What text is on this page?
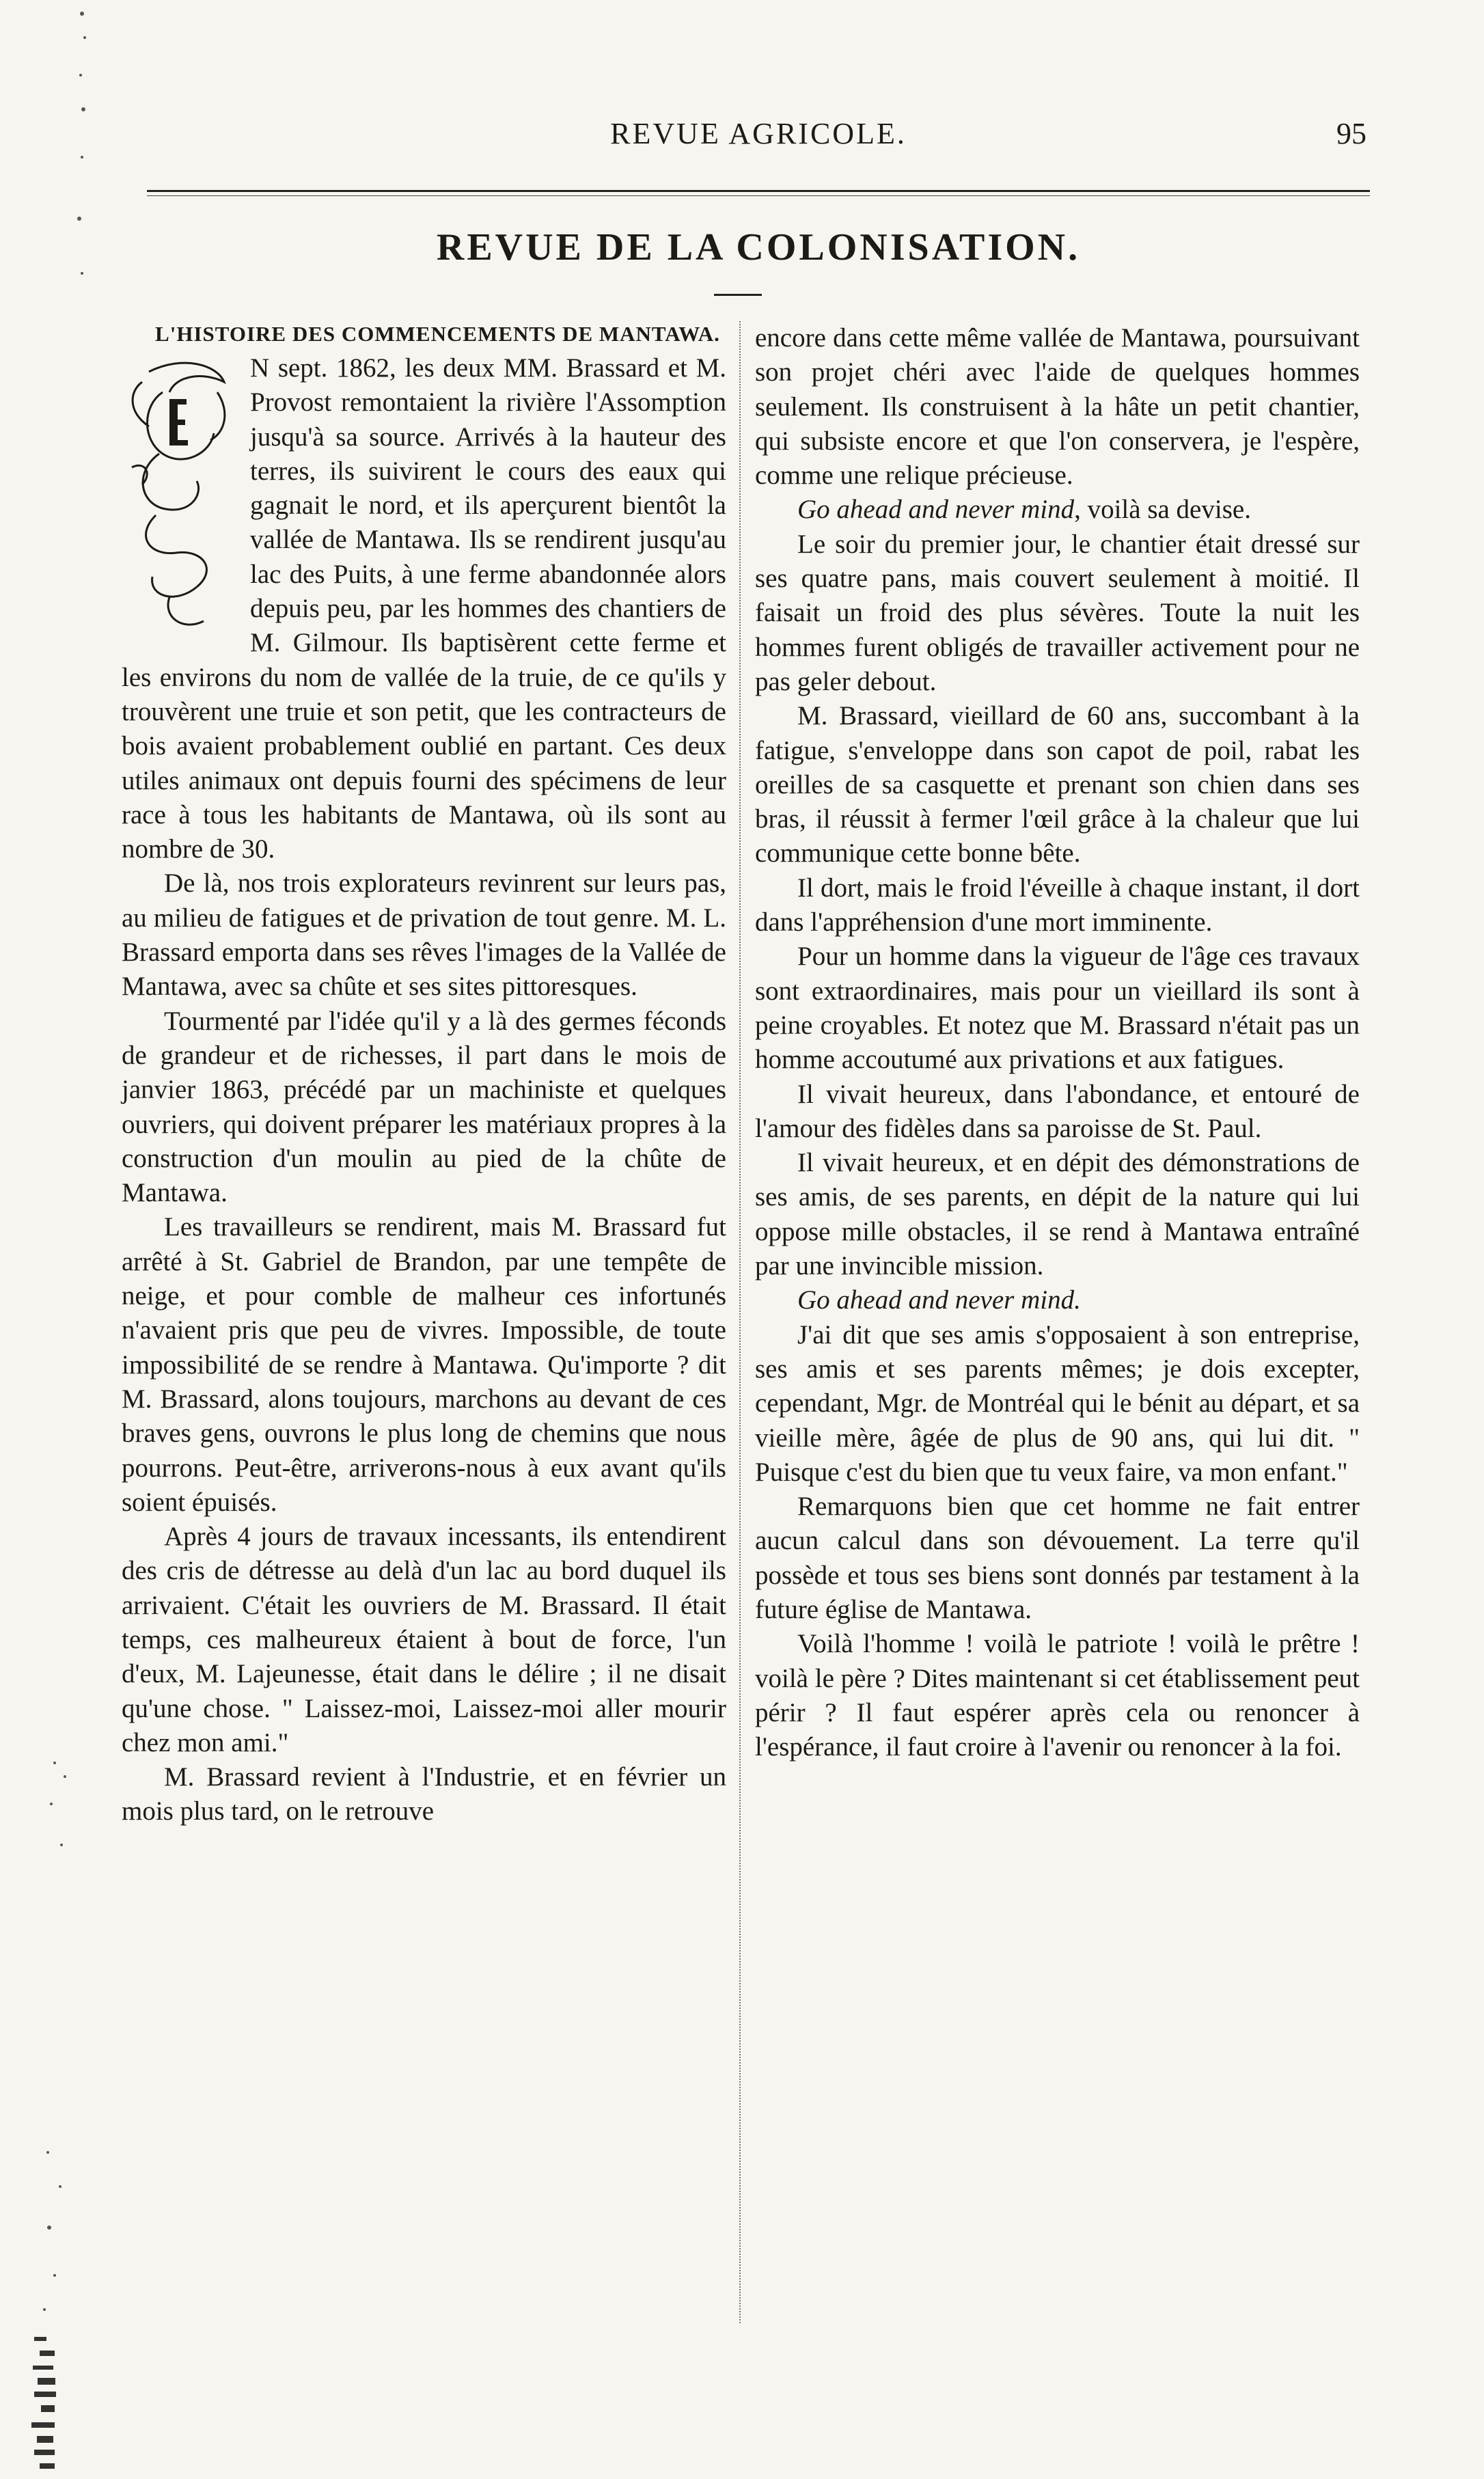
REVUE AGRICOLE.	95
REVUE DE LA COLONISATION.
L'HISTOIRE DES COMMENCEMENTS DE MANTAWA.

N sept. 1862, les deux MM. Brassard et M. Provost remontaient la rivière l'Assomption jusqu'à sa source. Arrivés à la hauteur des terres, ils suivirent le cours des eaux qui gagnait le nord, et ils aperçurent bientôt la vallée de Mantawa. Ils se rendirent jusqu'au lac des Puits, à une ferme abandonnée alors depuis peu, par les hommes des chantiers de M. Gilmour. Ils baptisèrent cette ferme et les environs du nom de vallée de la truie, de ce qu'ils y trouvèrent une truie et son petit, que les contracteurs de bois avaient probablement oublié en partant. Ces deux utiles animaux ont depuis fourni des spécimens de leur race à tous les habitants de Mantawa, où ils sont au nombre de 30.

De là, nos trois explorateurs revinrent sur leurs pas, au milieu de fatigues et de privation de tout genre. M. L. Brassard emporta dans ses rêves l'images de la Vallée de Mantawa, avec sa chûte et ses sites pittoresques.

Tourmenté par l'idée qu'il y a là des germes féconds de grandeur et de richesses, il part dans le mois de janvier 1863, précédé par un machiniste et quelques ouvriers, qui doivent préparer les matériaux propres à la construction d'un moulin au pied de la chûte de Mantawa.

Les travailleurs se rendirent, mais M. Brassard fut arrêté à St. Gabriel de Brandon, par une tempête de neige, et pour comble de malheur ces infortunés n'avaient pris que peu de vivres. Impossible, de toute impossibilité de se rendre à Mantawa. Qu'importe ? dit M. Brassard, alons toujours, marchons au devant de ces braves gens, ouvrons le plus long de chemins que nous pourrons. Peut-être, arriverons-nous à eux avant qu'ils soient épuisés.

Après 4 jours de travaux incessants, ils entendirent des cris de détresse au delà d'un lac au bord duquel ils arrivaient. C'était les ouvriers de M. Brassard. Il était temps, ces malheureux étaient à bout de force, l'un d'eux, M. Lajeunesse, était dans le délire ; il ne disait qu'une chose. " Laissez-moi, Laissez-moi aller mourir chez mon ami."

M. Brassard revient à l'Industrie, et en février un mois plus tard, on le retrouve

encore dans cette même vallée de Mantawa, poursuivant son projet chéri avec l'aide de quelques hommes seulement. Ils construisent à la hâte un petit chantier, qui subsiste encore et que l'on conservera, je l'espère, comme une relique précieuse.

Go ahead and never mind, voilà sa devise.

Le soir du premier jour, le chantier était dressé sur ses quatre pans, mais couvert seulement à moitié. Il faisait un froid des plus sévères. Toute la nuit les hommes furent obligés de travailler activement pour ne pas geler debout.

M. Brassard, vieillard de 60 ans, succombant à la fatigue, s'enveloppe dans son capot de poil, rabat les oreilles de sa casquette et prenant son chien dans ses bras, il réussit à fermer l'œil grâce à la chaleur que lui communique cette bonne bête.

Il dort, mais le froid l'éveille à chaque instant, il dort dans l'appréhension d'une mort imminente.

Pour un homme dans la vigueur de l'âge ces travaux sont extraordinaires, mais pour un vieillard ils sont à peine croyables. Et notez que M. Brassard n'était pas un homme accoutumé aux privations et aux fatigues.

Il vivait heureux, dans l'abondance, et entouré de l'amour des fidèles dans sa paroisse de St. Paul.

Il vivait heureux, et en dépit des démonstrations de ses amis, de ses parents, en dépit de la nature qui lui oppose mille obstacles, il se rend à Mantawa entraîné par une invincible mission.

Go ahead and never mind.

J'ai dit que ses amis s'opposaient à son entreprise, ses amis et ses parents mêmes; je dois excepter, cependant, Mgr. de Montréal qui le bénit au départ, et sa vieille mère, âgée de plus de 90 ans, qui lui dit. " Puisque c'est du bien que tu veux faire, va mon enfant."

Remarquons bien que cet homme ne fait entrer aucun calcul dans son dévouement. La terre qu'il possède et tous ses biens sont donnés par testament à la future église de Mantawa.

Voilà l'homme ! voilà le patriote ! voilà le prêtre ! voilà le père ? Dites maintenant si cet établissement peut périr ? Il faut espérer après cela ou renoncer à l'espérance, il faut croire à l'avenir ou renoncer à la foi.
